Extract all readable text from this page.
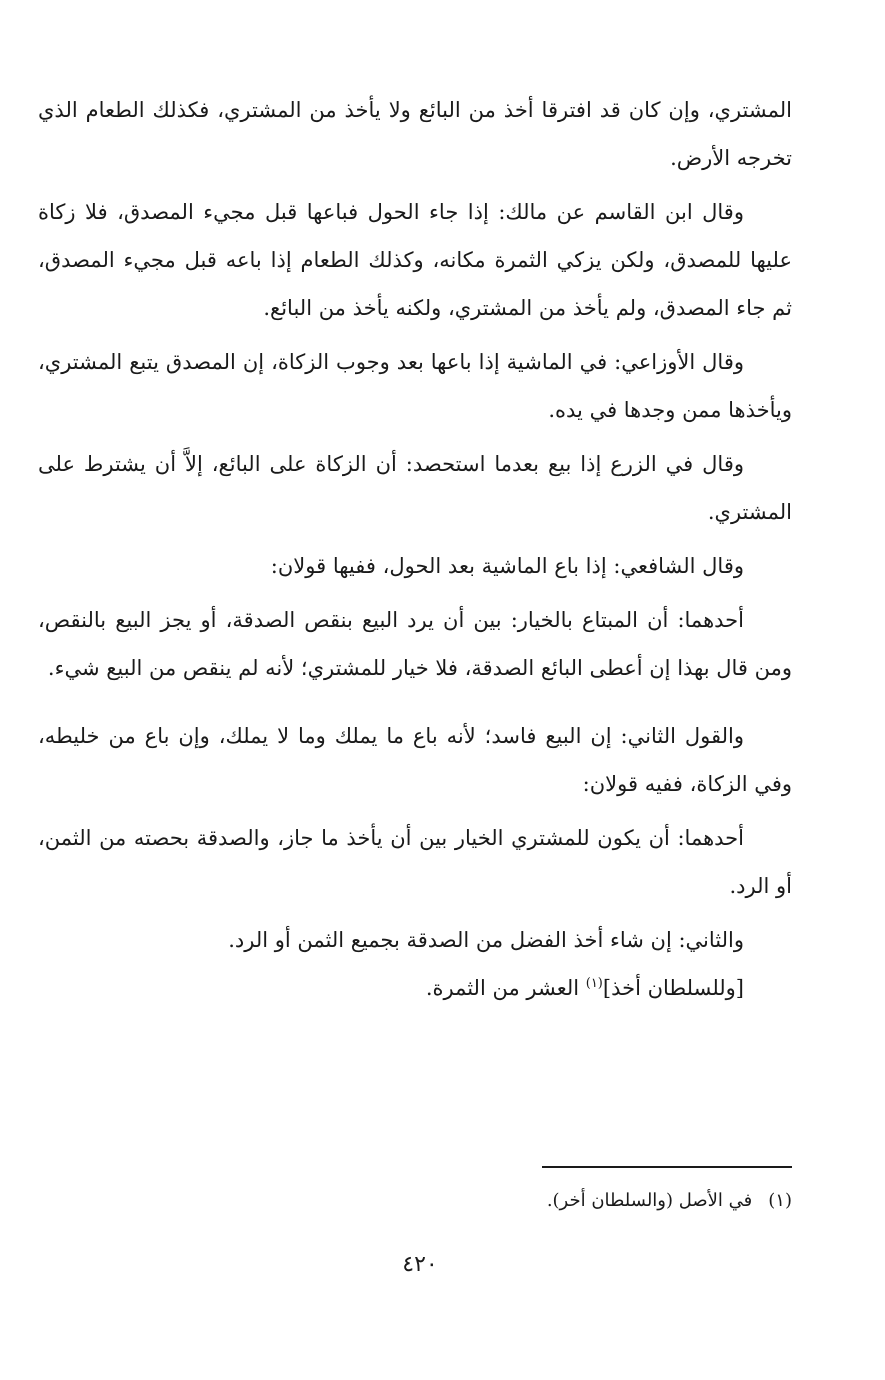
المشتري، وإن كان قد افترقا أخذ من البائع ولا يأخذ من المشتري، فكذلك الطعام الذي تخرجه الأرض.

وقال ابن القاسم عن مالك: إذا جاء الحول فباعها قبل مجيء المصدق، فلا زكاة عليها للمصدق، ولكن يزكي الثمرة مكانه، وكذلك الطعام إذا باعه قبل مجيء المصدق، ثم جاء المصدق، ولم يأخذ من المشتري، ولكنه يأخذ من البائع.

وقال الأوزاعي: في الماشية إذا باعها بعد وجوب الزكاة، إن المصدق يتبع المشتري، ويأخذها ممن وجدها في يده.

وقال في الزرع إذا بيع بعدما استحصد: أن الزكاة على البائع، إلاَّ أن يشترط على المشتري.

وقال الشافعي: إذا باع الماشية بعد الحول، ففيها قولان:

أحدهما: أن المبتاع بالخيار: بين أن يرد البيع بنقص الصدقة، أو يجز البيع بالنقص، ومن قال بهذا إن أعطى البائع الصدقة، فلا خيار للمشتري؛ لأنه لم ينقص من البيع شيء.

والقول الثاني: إن البيع فاسد؛ لأنه باع ما يملك وما لا يملك، وإن باع من خليطه، وفي الزكاة، ففيه قولان:

أحدهما: أن يكون للمشتري الخيار بين أن يأخذ ما جاز، والصدقة بحصته من الثمن، أو الرد.

والثاني: إن شاء أخذ الفضل من الصدقة بجميع الثمن أو الرد.

[وللسلطان أخذ]$^{(١)}$ العشر من الثمرة.

(١)في الأصل (والسلطان أخر).
٤٢٠
